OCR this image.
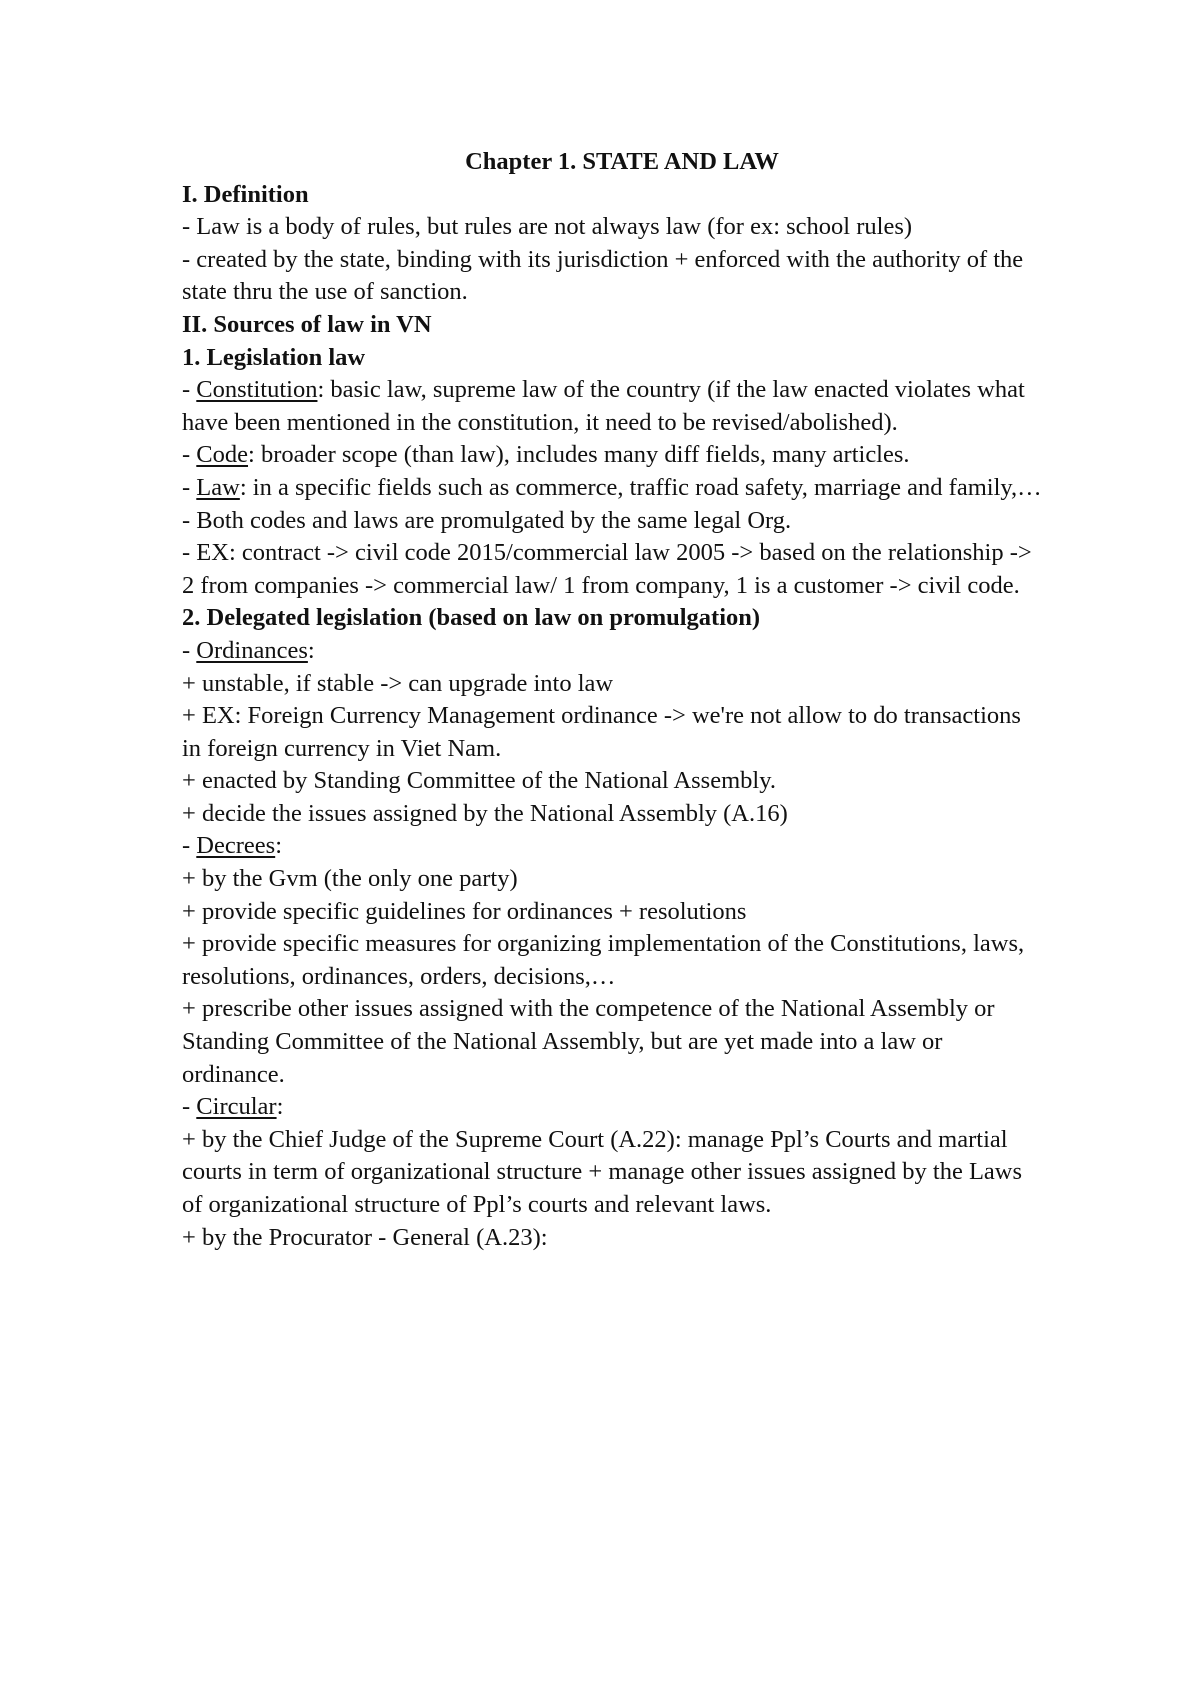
Chapter 1. STATE AND LAW

I. Definition

- Law is a body of rules, but rules are not always law (for ex: school rules)

- created by the state, binding with its jurisdiction + enforced with the authority of the state thru the use of sanction.

II. Sources of law in VN

1. Legislation law

- Constitution: basic law, supreme law of the country (if the law enacted violates what have been mentioned in the constitution, it need to be revised/abolished).

- Code: broader scope (than law), includes many diff fields, many articles.

- Law: in a specific fields such as commerce, traffic road safety, marriage and family,…

- Both codes and laws are promulgated by the same legal Org.

- EX: contract -> civil code 2015/commercial law 2005 -> based on the relationship -> 2 from companies -> commercial law/ 1 from company, 1 is a customer -> civil code.

2. Delegated legislation (based on law on promulgation)

- Ordinances:

+ unstable, if stable -> can upgrade into law

+ EX: Foreign Currency Management ordinance -> we're not allow to do transactions in foreign currency in Viet Nam.

+ enacted by Standing Committee of the National Assembly.

+ decide the issues assigned by the National Assembly (A.16)

- Decrees:

+ by the Gvm (the only one party)

+ provide specific guidelines for ordinances + resolutions

+ provide specific measures for organizing implementation of the Constitutions, laws, resolutions, ordinances, orders, decisions,…

+ prescribe other issues assigned with the competence of the National Assembly or Standing Committee of the National Assembly, but are yet made into a law or ordinance.

- Circular:

+ by the Chief Judge of the Supreme Court (A.22): manage Ppl’s Courts and martial courts in term of organizational structure + manage other issues assigned by the Laws of organizational structure of Ppl’s courts and relevant laws.

+ by the Procurator - General (A.23):
